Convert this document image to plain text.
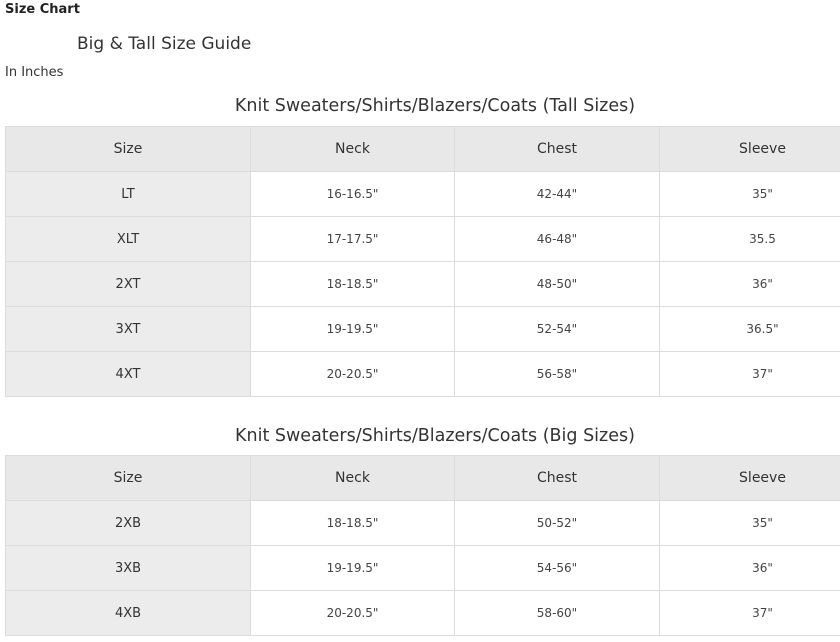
Size Chart
Big & Tall Size Guide
In Inches
Knit Sweaters/Shirts/Blazers/Coats (Tall Sizes)
Size	Neck	Chest	Sleeve
LT	16-16.5"	42-44"	35"
XLT	17-17.5"	46-48"	35.5
2XT	18-18.5"	48-50"	36"
3XT	19-19.5"	52-54"	36.5"
4XT	20-20.5"	56-58"	37"
Knit Sweaters/Shirts/Blazers/Coats (Big Sizes)
Size	Neck	Chest	Sleeve
2XB	18-18.5"	50-52"	35"
3XB	19-19.5"	54-56"	36"
4XB	20-20.5"	58-60"	37"
